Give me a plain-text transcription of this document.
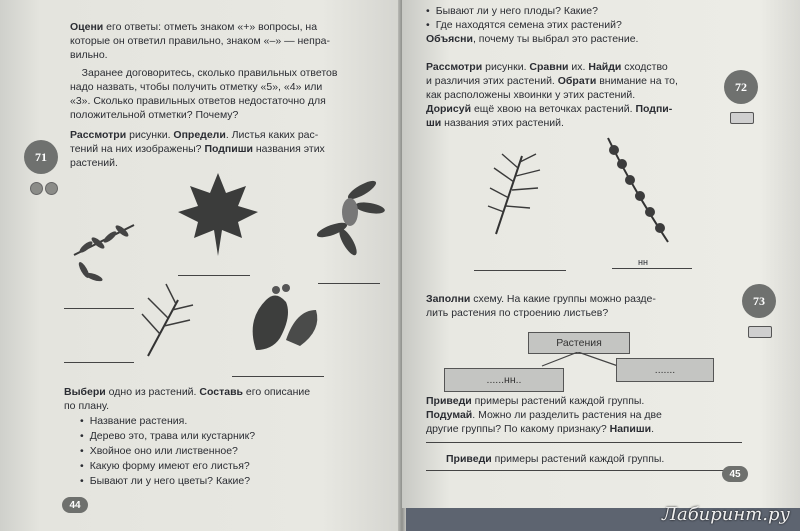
Оцени его ответы: отметь знаком «+» вопросы, на
которые он ответил правильно, знаком «–» — непра-
вильно.
Заранее договоритесь, сколько правильных ответов
надо назвать, чтобы получить отметку «5», «4» или
«3». Сколько правильных ответов недостаточно для
положительной отметки? Почему?
71
Рассмотри рисунки. Определи. Листья каких рас-
тений на них изображены? Подпиши названия этих
растений.
Выбери одно из растений. Составь его описание
по плану.
• Название растения.
• Дерево это, трава или кустарник?
• Хвойное оно или лиственное?
• Какую форму имеют его листья?
• Бывают ли у него цветы? Какие?
44
• Бывают ли у него плоды? Какие?
• Где находятся семена этих растений?
Объясни, почему ты выбрал это растение.
72
Рассмотри рисунки. Сравни их. Найди сходство
и различия этих растений. Обрати внимание на то,
как расположены хвоинки у этих растений.
Дорисуй ещё хвою на веточках растений. Подпи-
ши названия этих растений.
нн
73
Заполни схему. На какие группы можно разде-
лить растения по строению листьев?
Растения
......нн..
.......
Приведи примеры растений каждой группы.
Подумай. Можно ли разделить растения на две
другие группы? По какому признаку? Напиши.
Приведи примеры растений каждой группы.
45
Лабиринт.ру
